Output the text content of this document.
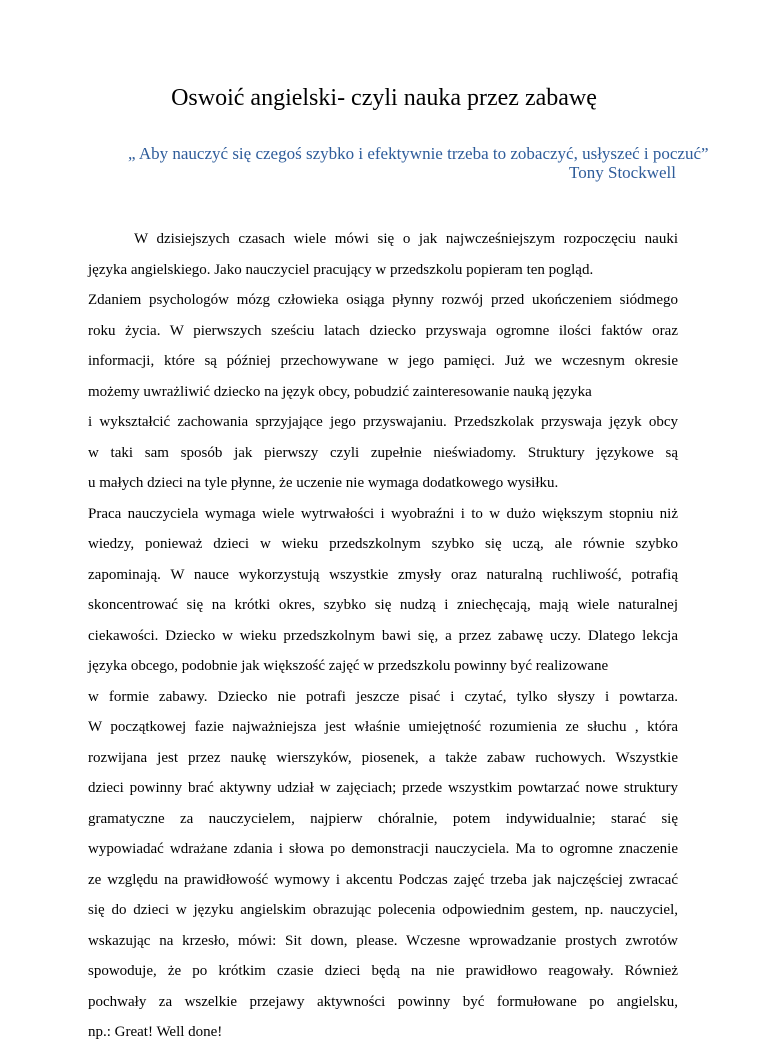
Oswoić angielski- czyli nauka przez zabawę
„ Aby nauczyć się czegoś szybko i efektywnie trzeba to zobaczyć, usłyszeć i poczuć”
Tony Stockwell
W dzisiejszych czasach wiele mówi się o jak najwcześniejszym rozpoczęciu nauki
języka angielskiego. Jako nauczyciel pracujący w przedszkolu popieram ten pogląd.
Zdaniem psychologów mózg człowieka osiąga płynny rozwój przed ukończeniem siódmego
roku życia. W pierwszych sześciu latach dziecko przyswaja ogromne ilości faktów oraz
informacji, które są później przechowywane w jego pamięci. Już we wczesnym okresie
możemy uwrażliwić dziecko na język obcy, pobudzić zainteresowanie nauką języka
i wykształcić zachowania sprzyjające jego przyswajaniu. Przedszkolak przyswaja język obcy
w taki sam sposób jak pierwszy czyli zupełnie nieświadomy. Struktury językowe są
u małych dzieci na tyle płynne, że uczenie nie wymaga dodatkowego wysiłku.
Praca nauczyciela wymaga wiele wytrwałości i wyobraźni i to w dużo większym stopniu niż
wiedzy, ponieważ dzieci w wieku przedszkolnym szybko się uczą, ale równie szybko
zapominają. W nauce wykorzystują wszystkie zmysły oraz naturalną ruchliwość, potrafią
skoncentrować się na krótki okres, szybko się nudzą i zniechęcają, mają wiele naturalnej
ciekawości. Dziecko w wieku przedszkolnym bawi się, a przez zabawę uczy. Dlatego lekcja
języka obcego, podobnie jak większość zajęć w przedszkolu powinny być realizowane
w formie zabawy. Dziecko nie potrafi jeszcze pisać i czytać, tylko słyszy i powtarza.
W początkowej fazie najważniejsza jest właśnie umiejętność rozumienia ze słuchu , która
rozwijana jest przez naukę wierszyków, piosenek, a także zabaw ruchowych. Wszystkie
dzieci powinny brać aktywny udział w zajęciach; przede wszystkim powtarzać nowe struktury
gramatyczne za nauczycielem, najpierw chóralnie, potem indywidualnie; starać się
wypowiadać wdrażane zdania i słowa po demonstracji nauczyciela. Ma to ogromne znaczenie
ze względu na prawidłowość wymowy i akcentu Podczas zajęć trzeba jak najczęściej zwracać
się do dzieci w języku angielskim obrazując polecenia odpowiednim gestem, np. nauczyciel,
wskazując na krzesło, mówi: Sit down, please. Wczesne wprowadzanie prostych zwrotów
spowoduje, że po krótkim czasie dzieci będą na nie prawidłowo reagowały. Również
pochwały za wszelkie przejawy aktywności powinny być formułowane po angielsku,
np.: Great! Well done!
